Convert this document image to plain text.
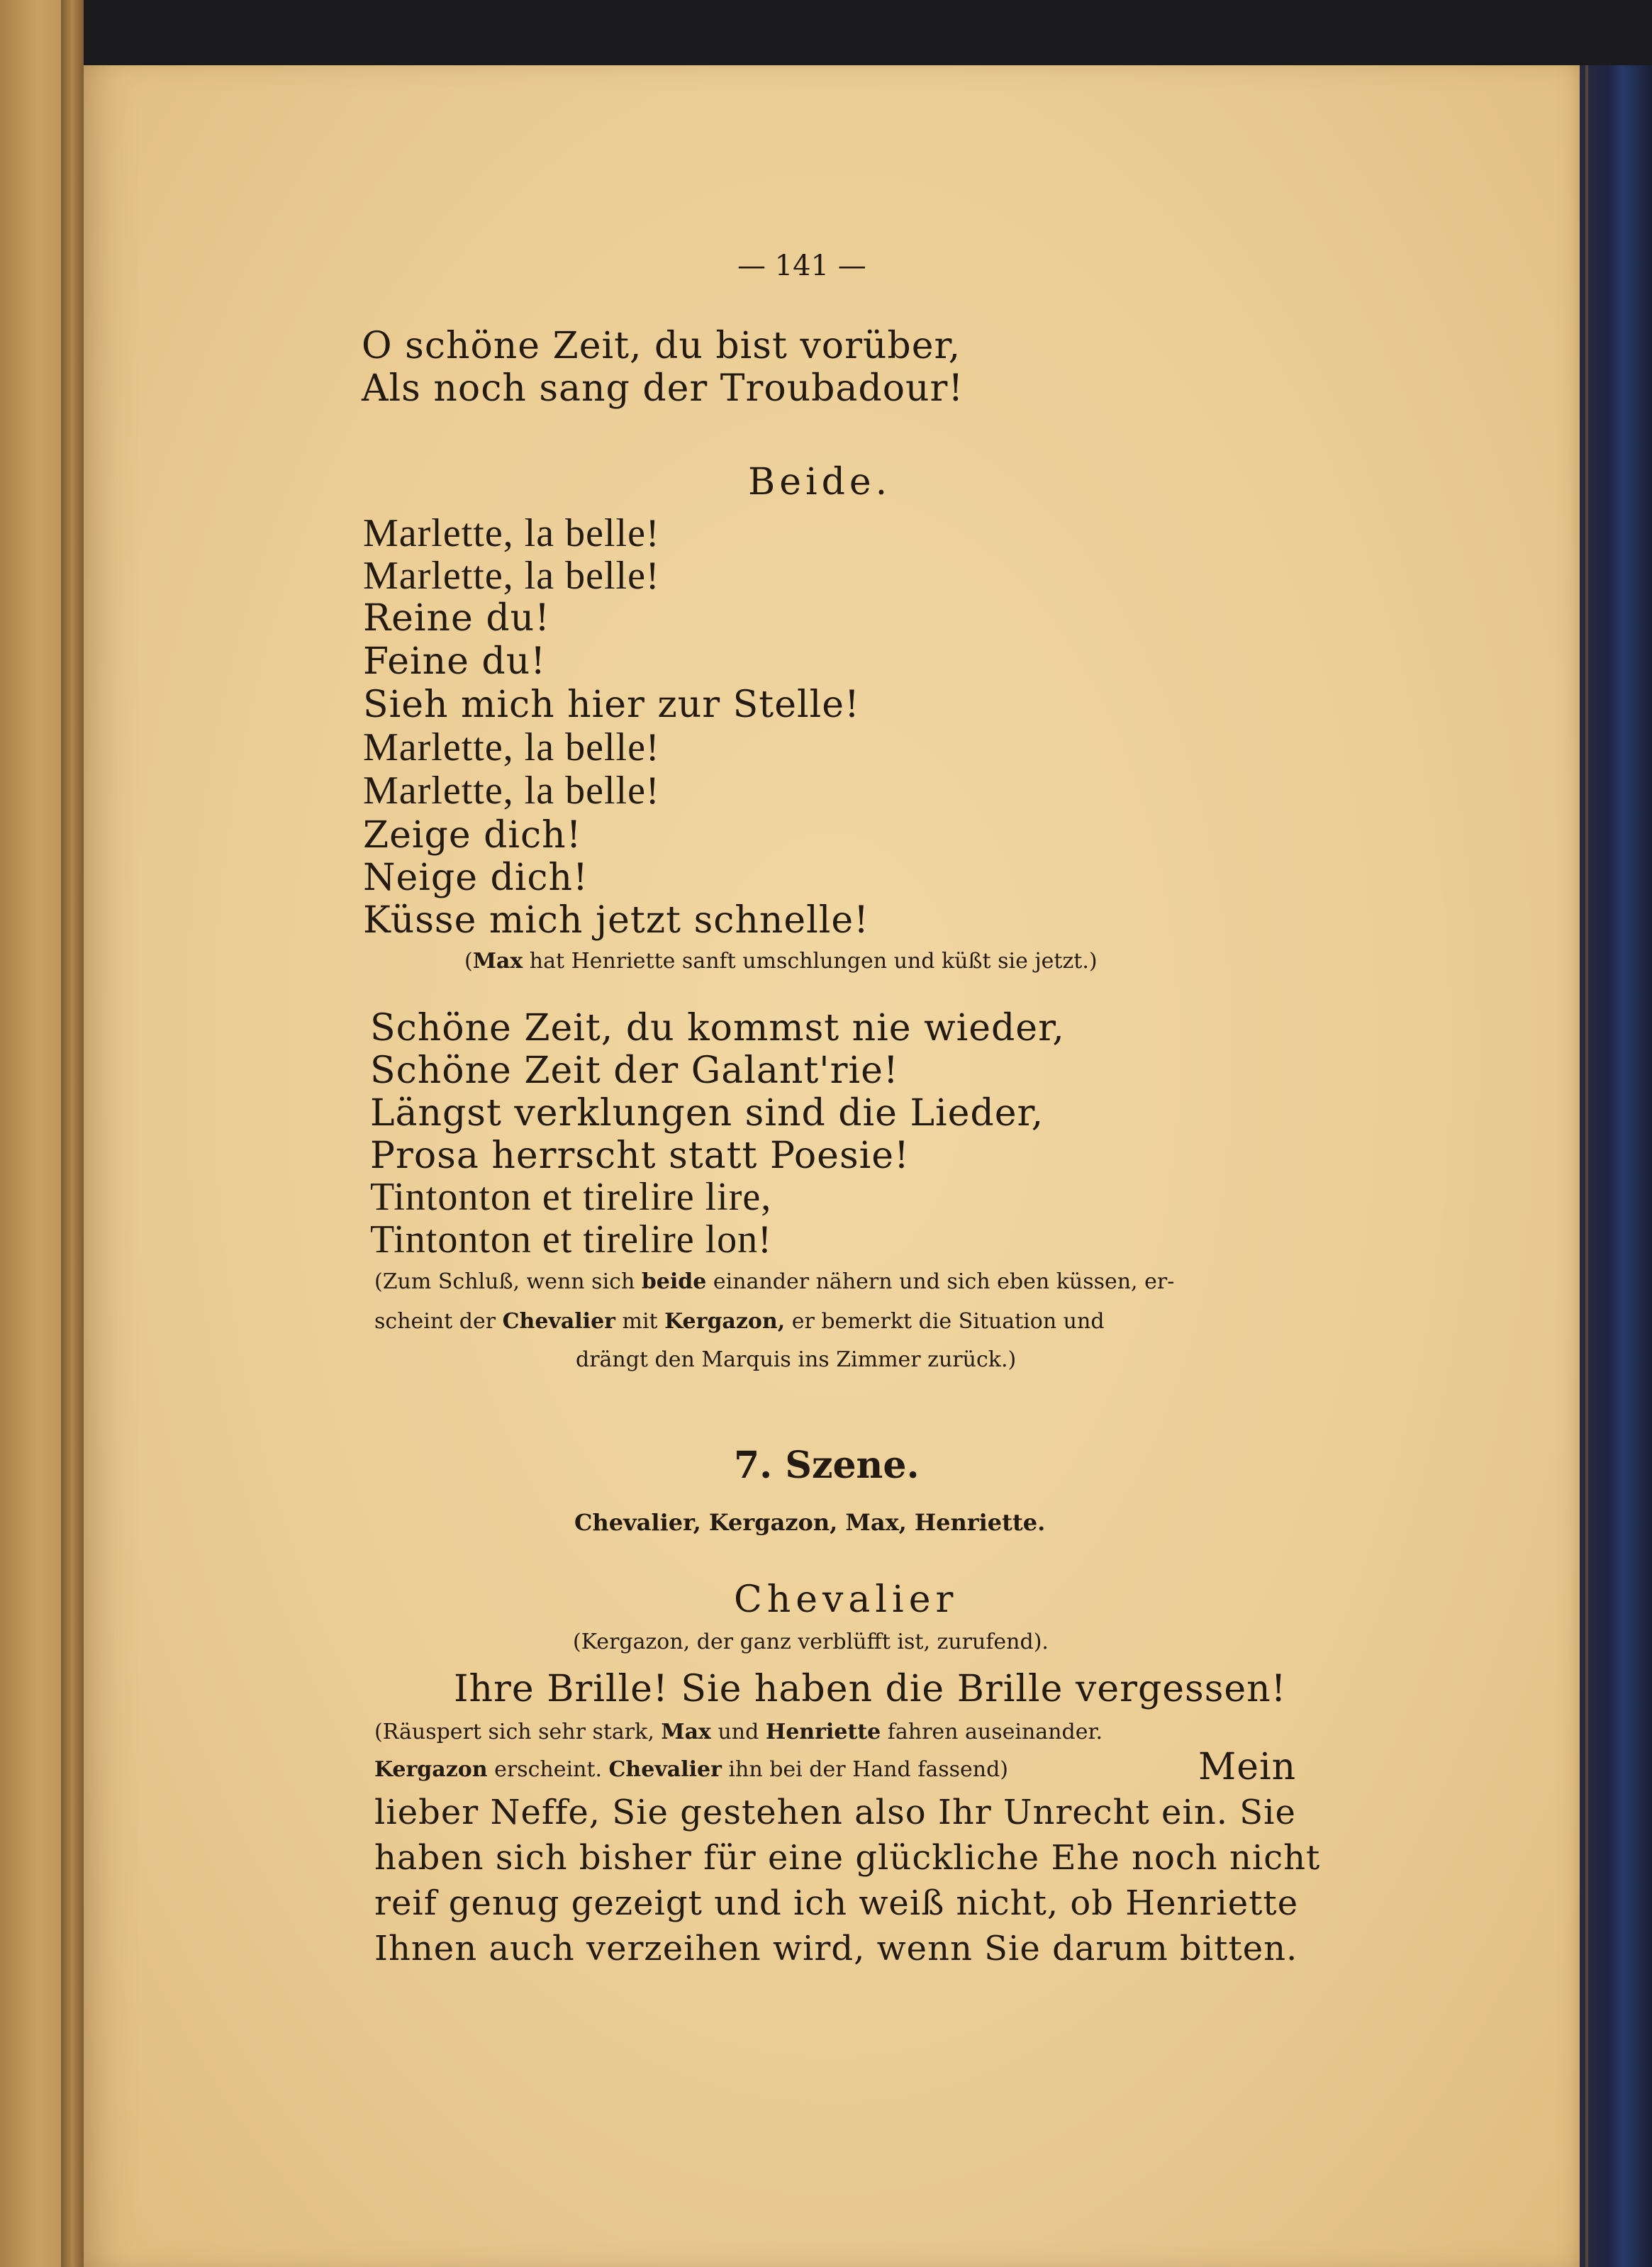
— 141 —
O schöne Zeit, du bist vorüber,
Als noch sang der Troubadour!
Beide.
Marlette, la belle!
Marlette, la belle!
Reine du!
Feine du!
Sieh mich hier zur Stelle!
Marlette, la belle!
Marlette, la belle!
Zeige dich!
Neige dich!
Küsse mich jetzt schnelle!
(Max hat Henriette sanft umschlungen und küßt sie jetzt.)
Schöne Zeit, du kommst nie wieder,
Schöne Zeit der Galant'rie!
Längst verklungen sind die Lieder,
Prosa herrscht statt Poesie!
Tintonton et tirelire lire,
Tintonton et tirelire lon!
(Zum Schluß, wenn sich beide einander nähern und sich eben küssen, er-
scheint der Chevalier mit Kergazon, er bemerkt die Situation und
drängt den Marquis ins Zimmer zurück.)
7. Szene.
Chevalier, Kergazon, Max, Henriette.
Chevalier
(Kergazon, der ganz verblüfft ist, zurufend).
Ihre Brille! Sie haben die Brille vergessen!
(Räuspert sich sehr stark, Max und Henriette fahren auseinander.
Kergazon erscheint. Chevalier ihn bei der Hand fassend)	Mein
lieber Neffe, Sie gestehen also Ihr Unrecht ein. Sie
haben sich bisher für eine glückliche Ehe noch nicht
reif genug gezeigt und ich weiß nicht, ob Henriette
Ihnen auch verzeihen wird, wenn Sie darum bitten.
